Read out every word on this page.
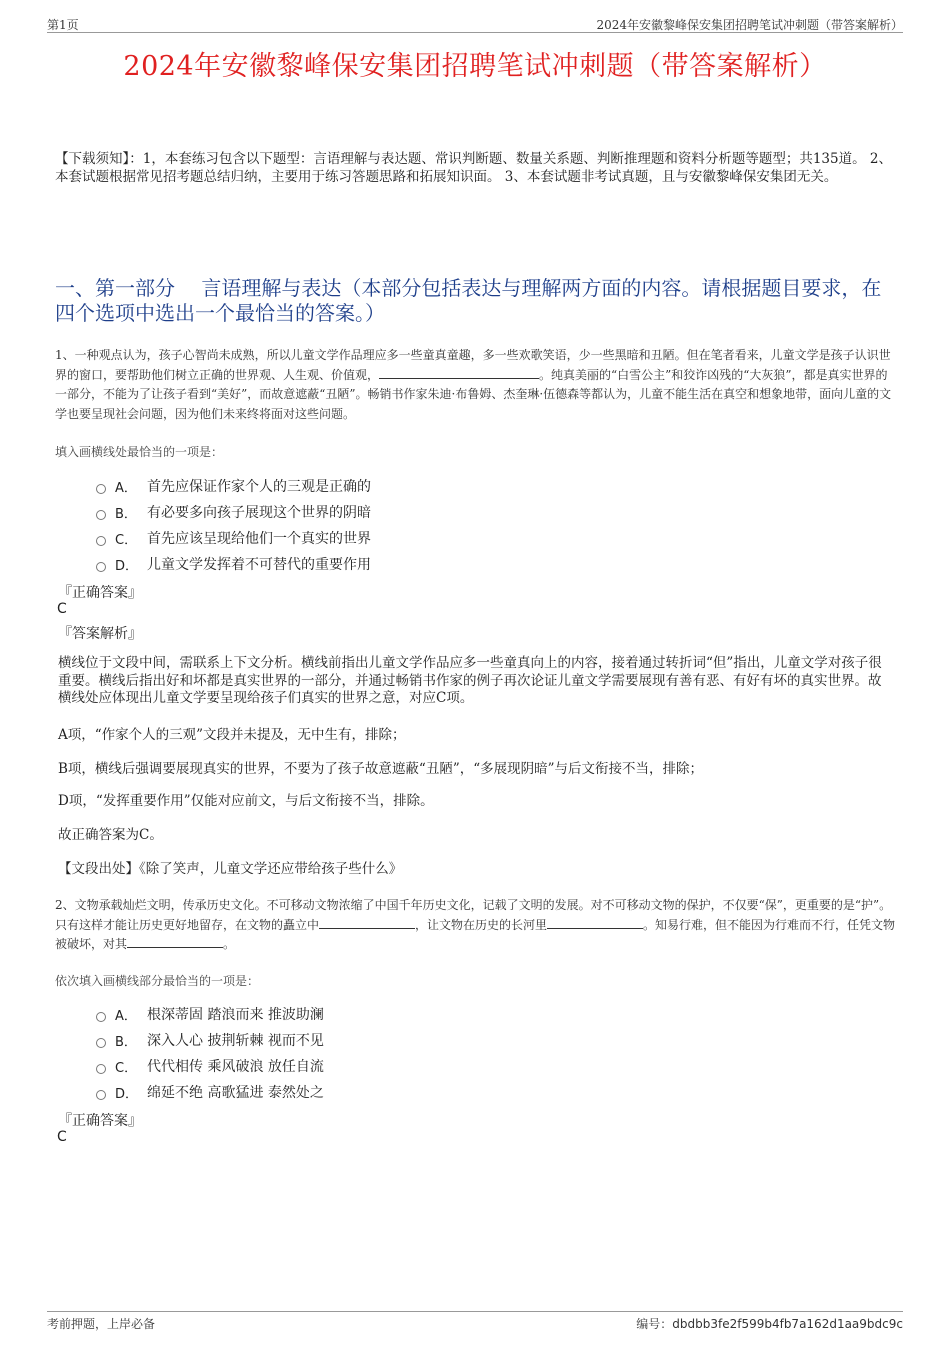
第1页	2024年安徽黎峰保安集团招聘笔试冲刺题（带答案解析）
2024年安徽黎峰保安集团招聘笔试冲刺题（带答案解析）
【下载须知】：1，本套练习包含以下题型：言语理解与表达题、常识判断题、数量关系题、判断推理题和资料分析题等题型；共135道。 2、本套试题根据常见招考题总结归纳，主要用于练习答题思路和拓展知识面。 3、本套试题非考试真题，且与安徽黎峰保安集团无关。
一、第一部分　 言语理解与表达（本部分包括表达与理解两方面的内容。请根据题目要求，在四个选项中选出一个最恰当的答案。）
1、一种观点认为，孩子心智尚未成熟，所以儿童文学作品理应多一些童真童趣，多一些欢歌笑语，少一些黑暗和丑陋。但在笔者看来，儿童文学是孩子认识世界的窗口，要帮助他们树立正确的世界观、人生观、价值观，	。纯真美丽的“白雪公主”和狡诈凶残的“大灰狼”，都是真实世界的一部分，不能为了让孩子看到“美好”，而故意遮蔽“丑陋”。畅销书作家朱迪·布鲁姆、杰奎琳·伍德森等都认为，儿童不能生活在真空和想象地带，面向儿童的文学也要呈现社会问题，因为他们未来终将面对这些问题。
填入画横线处最恰当的一项是：
A． 首先应保证作家个人的三观是正确的
B． 有必要多向孩子展现这个世界的阴暗
C． 首先应该呈现给他们一个真实的世界
D． 儿童文学发挥着不可替代的重要作用
『正确答案』
C
『答案解析』
横线位于文段中间，需联系上下文分析。横线前指出儿童文学作品应多一些童真向上的内容，接着通过转折词“但”指出，儿童文学对孩子很重要。横线后指出好和坏都是真实世界的一部分，并通过畅销书作家的例子再次论证儿童文学需要展现有善有恶、有好有坏的真实世界。故横线处应体现出儿童文学要呈现给孩子们真实的世界之意，对应C项。
A项，“作家个人的三观”文段并未提及，无中生有，排除；
B项，横线后强调要展现真实的世界，不要为了孩子故意遮蔽“丑陋”，“多展现阴暗”与后文衔接不当，排除；
D项，“发挥重要作用”仅能对应前文，与后文衔接不当，排除。
故正确答案为C。
【文段出处】《除了笑声，儿童文学还应带给孩子些什么》
2、文物承载灿烂文明，传承历史文化。不可移动文物浓缩了中国千年历史文化，记载了文明的发展。对不可移动文物的保护，不仅要“保”，更重要的是“护”。只有这样才能让历史更好地留存，在文物的矗立中	，让文物在历史的长河里	。知易行难，但不能因为行难而不行，任凭文物被破坏，对其	。
依次填入画横线部分最恰当的一项是：
A． 根深蒂固 踏浪而来 推波助澜
B． 深入人心 披荆斩棘 视而不见
C． 代代相传 乘风破浪 放任自流
D． 绵延不绝 高歌猛进 泰然处之
『正确答案』
C
考前押题，上岸必备	编号：dbdbb3fe2f599b4fb7a162d1aa9bdc9c
